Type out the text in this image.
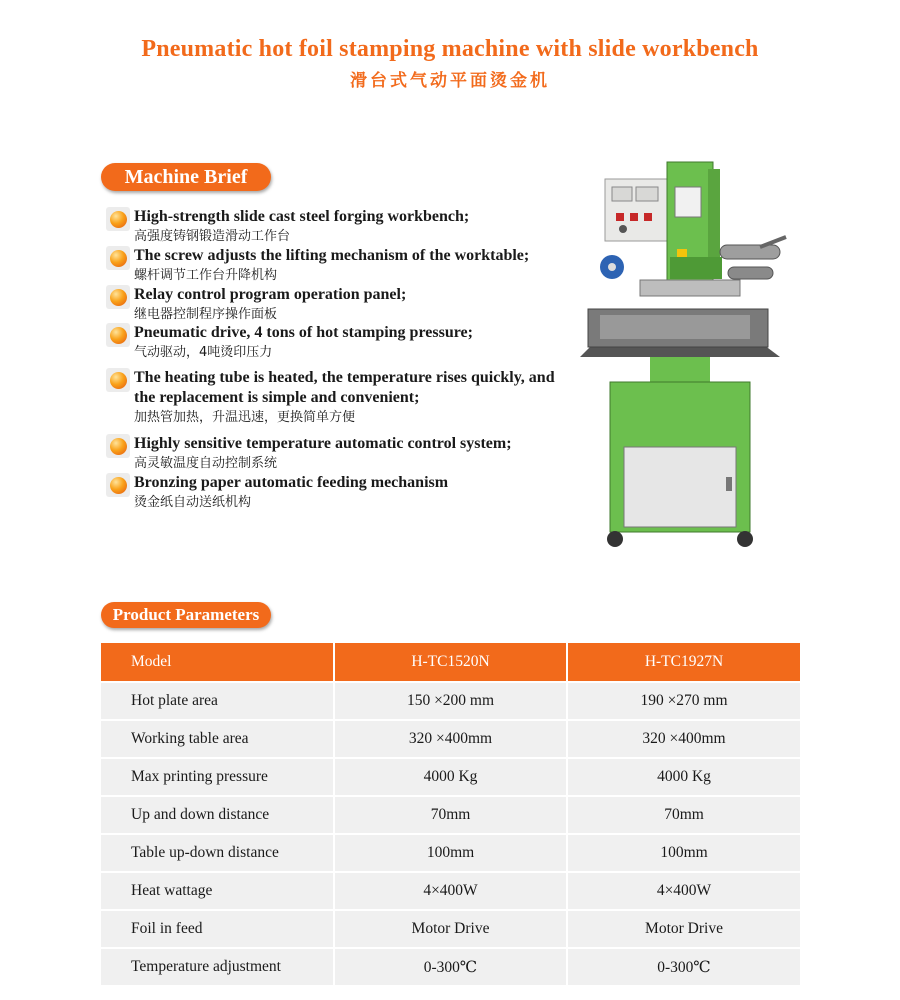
Pneumatic hot foil stamping machine with slide workbench
滑台式气动平面烫金机
Machine Brief
High-strength slide cast steel forging workbench;
高强度铸钢锻造滑动工作台
The screw adjusts the lifting mechanism of the worktable;
螺杆调节工作台升降机构
Relay control program operation panel;
继电器控制程序操作面板
Pneumatic drive, 4 tons of hot stamping pressure;
气动驱动，4吨烫印压力
The heating tube is heated, the temperature rises quickly, and the replacement is simple and convenient;
加热管加热，升温迅速，更换简单方便
Highly sensitive temperature automatic control system;
高灵敏温度自动控制系统
Bronzing paper automatic feeding mechanism
烫金纸自动送纸机构
Product Parameters
Model	H-TC1520N	H-TC1927N
Hot plate area	150 ×200 mm	190 ×270 mm
Working table area	320 ×400mm	320 ×400mm
Max printing pressure	4000 Kg	4000 Kg
Up and down distance	70mm	70mm
Table up-down distance	100mm	100mm
Heat wattage	4×400W	4×400W
Foil in feed	Motor Drive	Motor Drive
Temperature adjustment	0-300℃	0-300℃
